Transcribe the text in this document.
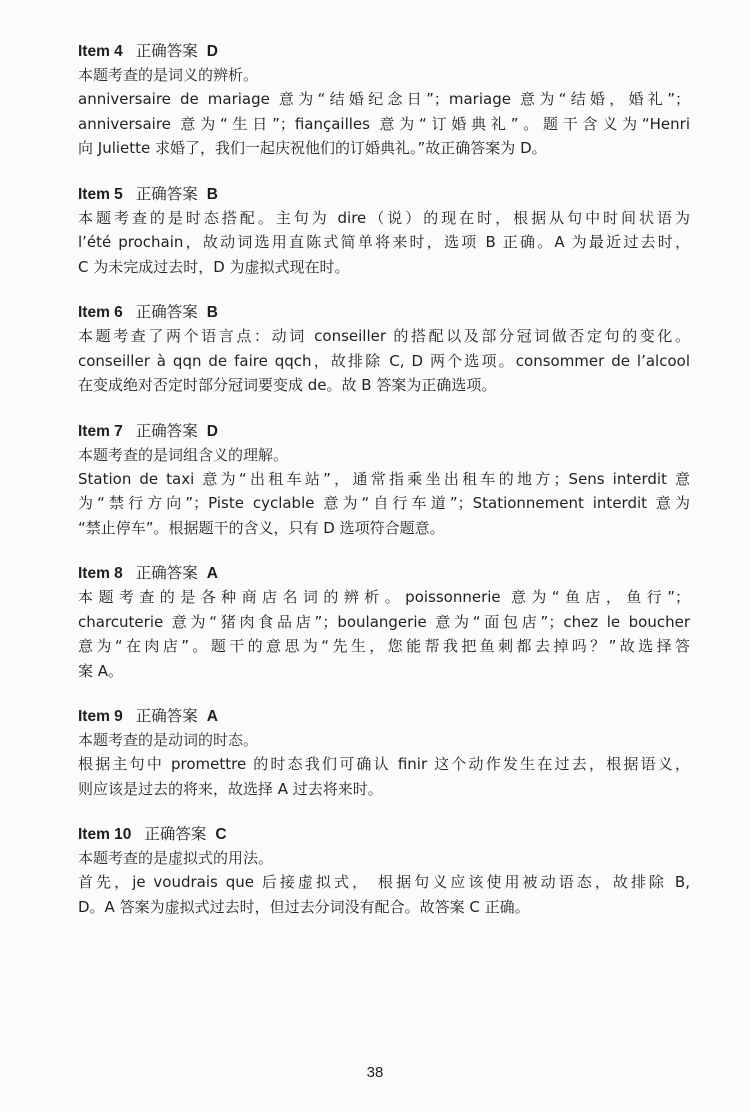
Item 4 正确答案 D
本题考查的是词义的辨析。
anniversaire de mariage 意为“结婚纪念日”；mariage 意为“结婚，婚礼”；
anniversaire 意为“生日”；fiançailles 意为“订婚典礼”。题干含义为“Henri
向 Juliette 求婚了，我们一起庆祝他们的订婚典礼。”故正确答案为 D。
Item 5 正确答案 B
本题考查的是时态搭配。主句为 dire（说）的现在时，根据从句中时间状语为
l’été prochain，故动词选用直陈式简单将来时，选项 B 正确。A 为最近过去时，
C 为未完成过去时，D 为虚拟式现在时。
Item 6 正确答案 B
本题考查了两个语言点：动词 conseiller 的搭配以及部分冠词做否定句的变化。
conseiller à qqn de faire qqch，故排除 C, D 两个选项。consommer de l’alcool
在变成绝对否定时部分冠词要变成 de。故 B 答案为正确选项。
Item 7 正确答案 D
本题考查的是词组含义的理解。
Station de taxi 意为“出租车站”，通常指乘坐出租车的地方；Sens interdit 意
为“禁行方向”；Piste cyclable 意为“自行车道”；Stationnement interdit 意为
“禁止停车”。根据题干的含义，只有 D 选项符合题意。
Item 8 正确答案 A
本题考查的是各种商店名词的辨析。poissonnerie 意为“鱼店，鱼行”；
charcuterie 意为“猪肉食品店”；boulangerie 意为“面包店”；chez le boucher
意为“在肉店”。题干的意思为“先生，您能帮我把鱼刺都去掉吗？”故选择答
案 A。
Item 9 正确答案 A
本题考查的是动词的时态。
根据主句中 promettre 的时态我们可确认 finir 这个动作发生在过去，根据语义，
则应该是过去的将来，故选择 A 过去将来时。
Item 10 正确答案 C
本题考查的是虚拟式的用法。
首先，je voudrais que 后接虚拟式， 根据句义应该使用被动语态，故排除 B,
D。A 答案为虚拟式过去时，但过去分词没有配合。故答案 C 正确。
38
